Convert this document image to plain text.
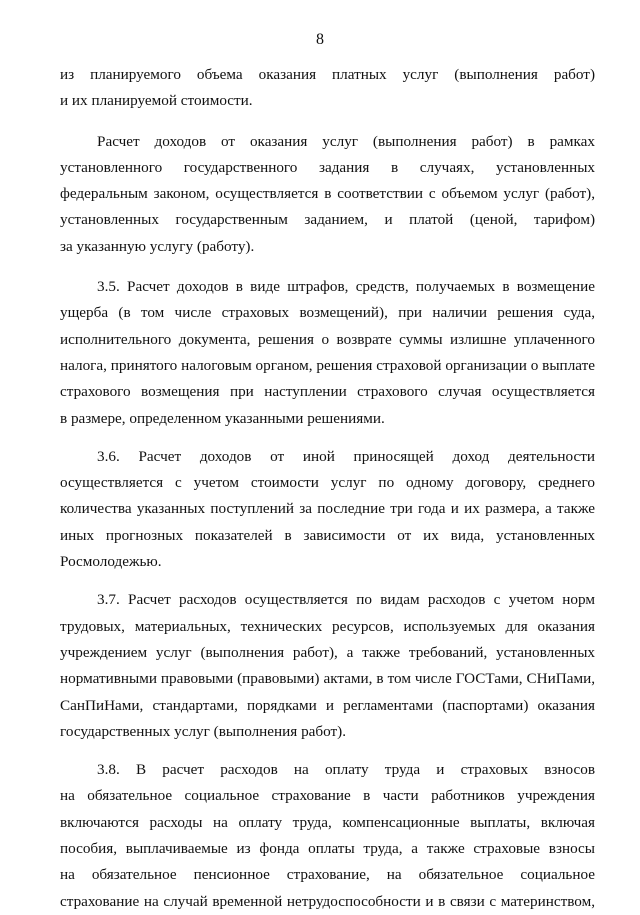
8

из планируемого объема оказания платных услуг (выполнения работ)
и их планируемой стоимости.

Расчет доходов от оказания услуг (выполнения работ) в рамках
установленного государственного задания в случаях, установленных
федеральным законом, осуществляется в соответствии с объемом услуг (работ),
установленных государственным заданием, и платой (ценой, тарифом)
за указанную услугу (работу).

3.5. Расчет доходов в виде штрафов, средств, получаемых в возмещение
ущерба (в том числе страховых возмещений), при наличии решения суда,
исполнительного документа, решения о возврате суммы излишне уплаченного
налога, принятого налоговым органом, решения страховой организации о выплате
страхового возмещения при наступлении страхового случая осуществляется
в размере, определенном указанными решениями.

3.6. Расчет доходов от иной приносящей доход деятельности
осуществляется с учетом стоимости услуг по одному договору, среднего
количества указанных поступлений за последние три года и их размера, а также
иных прогнозных показателей в зависимости от их вида, установленных
Росмолодежью.

3.7. Расчет расходов осуществляется по видам расходов с учетом норм
трудовых, материальных, технических ресурсов, используемых для оказания
учреждением услуг (выполнения работ), а также требований, установленных
нормативными правовыми (правовыми) актами, в том числе ГОСТами, СНиПами,
СанПиНами, стандартами, порядками и регламентами (паспортами) оказания
государственных услуг (выполнения работ).

3.8. В расчет расходов на оплату труда и страховых взносов
на обязательное социальное страхование в части работников учреждения
включаются расходы на оплату труда, компенсационные выплаты, включая
пособия, выплачиваемые из фонда оплаты труда, а также страховые взносы
на обязательное пенсионное страхование, на обязательное социальное
страхование на случай временной нетрудоспособности и в связи с материнством,
